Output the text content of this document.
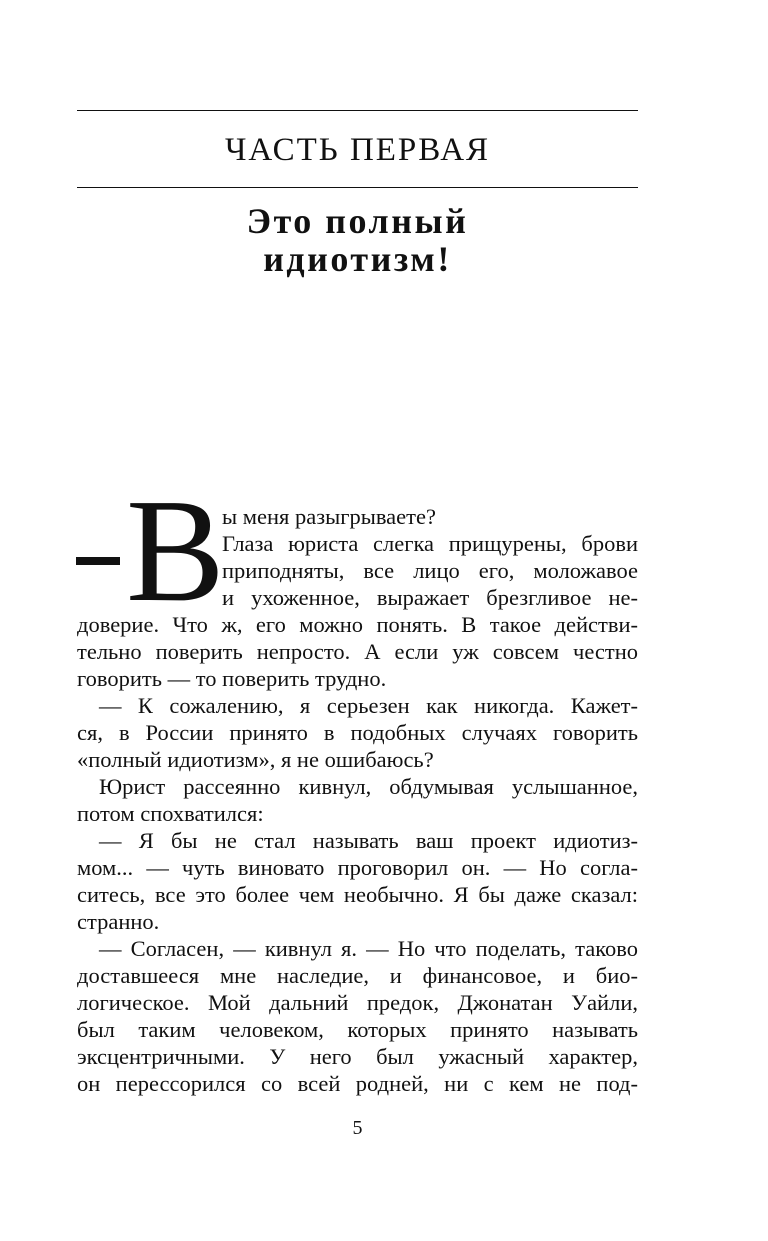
ЧАСТЬ ПЕРВАЯ
Это полный
идиотизм!
В
ы меня разыгрываете?
Глаза юриста слегка прищурены, брови
приподняты, все лицо его, моложавое
и ухоженное, выражает брезгливое не-
доверие. Что ж, его можно понять. В такое действи-
тельно поверить непросто. А если уж совсем честно
говорить — то поверить трудно.
— К сожалению, я серьезен как никогда. Кажет-
ся, в России принято в подобных случаях говорить
«полный идиотизм», я не ошибаюсь?
Юрист рассеянно кивнул, обдумывая услышанное,
потом спохватился:
— Я бы не стал называть ваш проект идиотиз-
мом... — чуть виновато проговорил он. — Но согла-
ситесь, все это более чем необычно. Я бы даже сказал:
странно.
— Согласен, — кивнул я. — Но что поделать, таково
доставшееся мне наследие, и финансовое, и био-
логическое. Мой дальний предок, Джонатан Уайли,
был таким человеком, которых принято называть
эксцентричными. У него был ужасный характер,
он перессорился со всей родней, ни с кем не под-
5
